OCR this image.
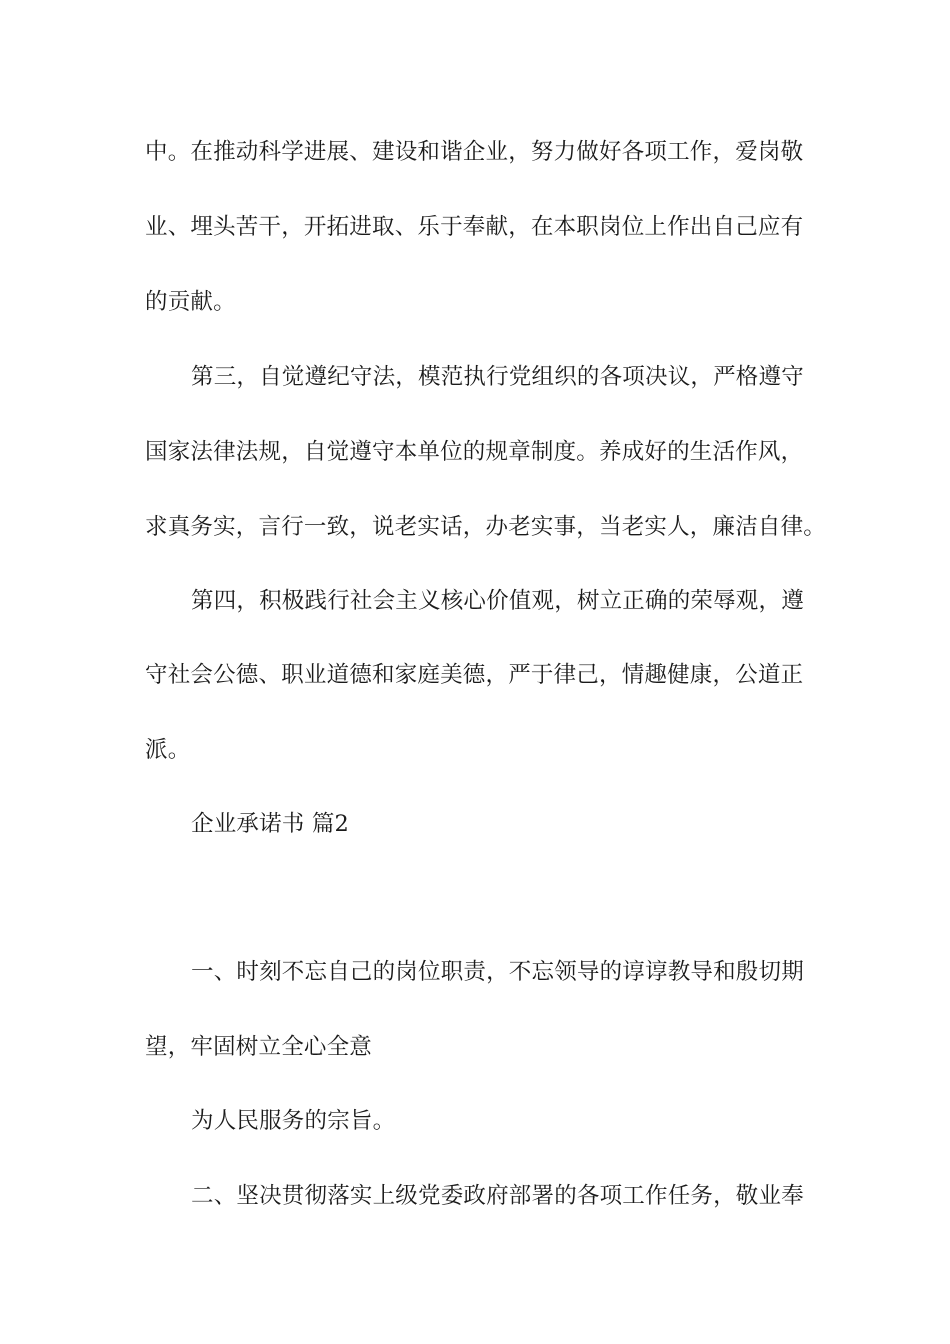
中。在推动科学进展、建设和谐企业，努力做好各项工作，爱岗敬
业、埋头苦干，开拓进取、乐于奉献，在本职岗位上作出自己应有
的贡献。
第三，自觉遵纪守法，模范执行党组织的各项决议，严格遵守
国家法律法规，自觉遵守本单位的规章制度。养成好的生活作风，
求真务实，言行一致，说老实话，办老实事，当老实人，廉洁自律。
第四，积极践行社会主义核心价值观，树立正确的荣辱观，遵
守社会公德、职业道德和家庭美德，严于律己，情趣健康，公道正
派。
企业承诺书 篇2
一、时刻不忘自己的岗位职责，不忘领导的谆谆教导和殷切期
望，牢固树立全心全意
为人民服务的宗旨。
二、坚决贯彻落实上级党委政府部署的各项工作任务，敬业奉
